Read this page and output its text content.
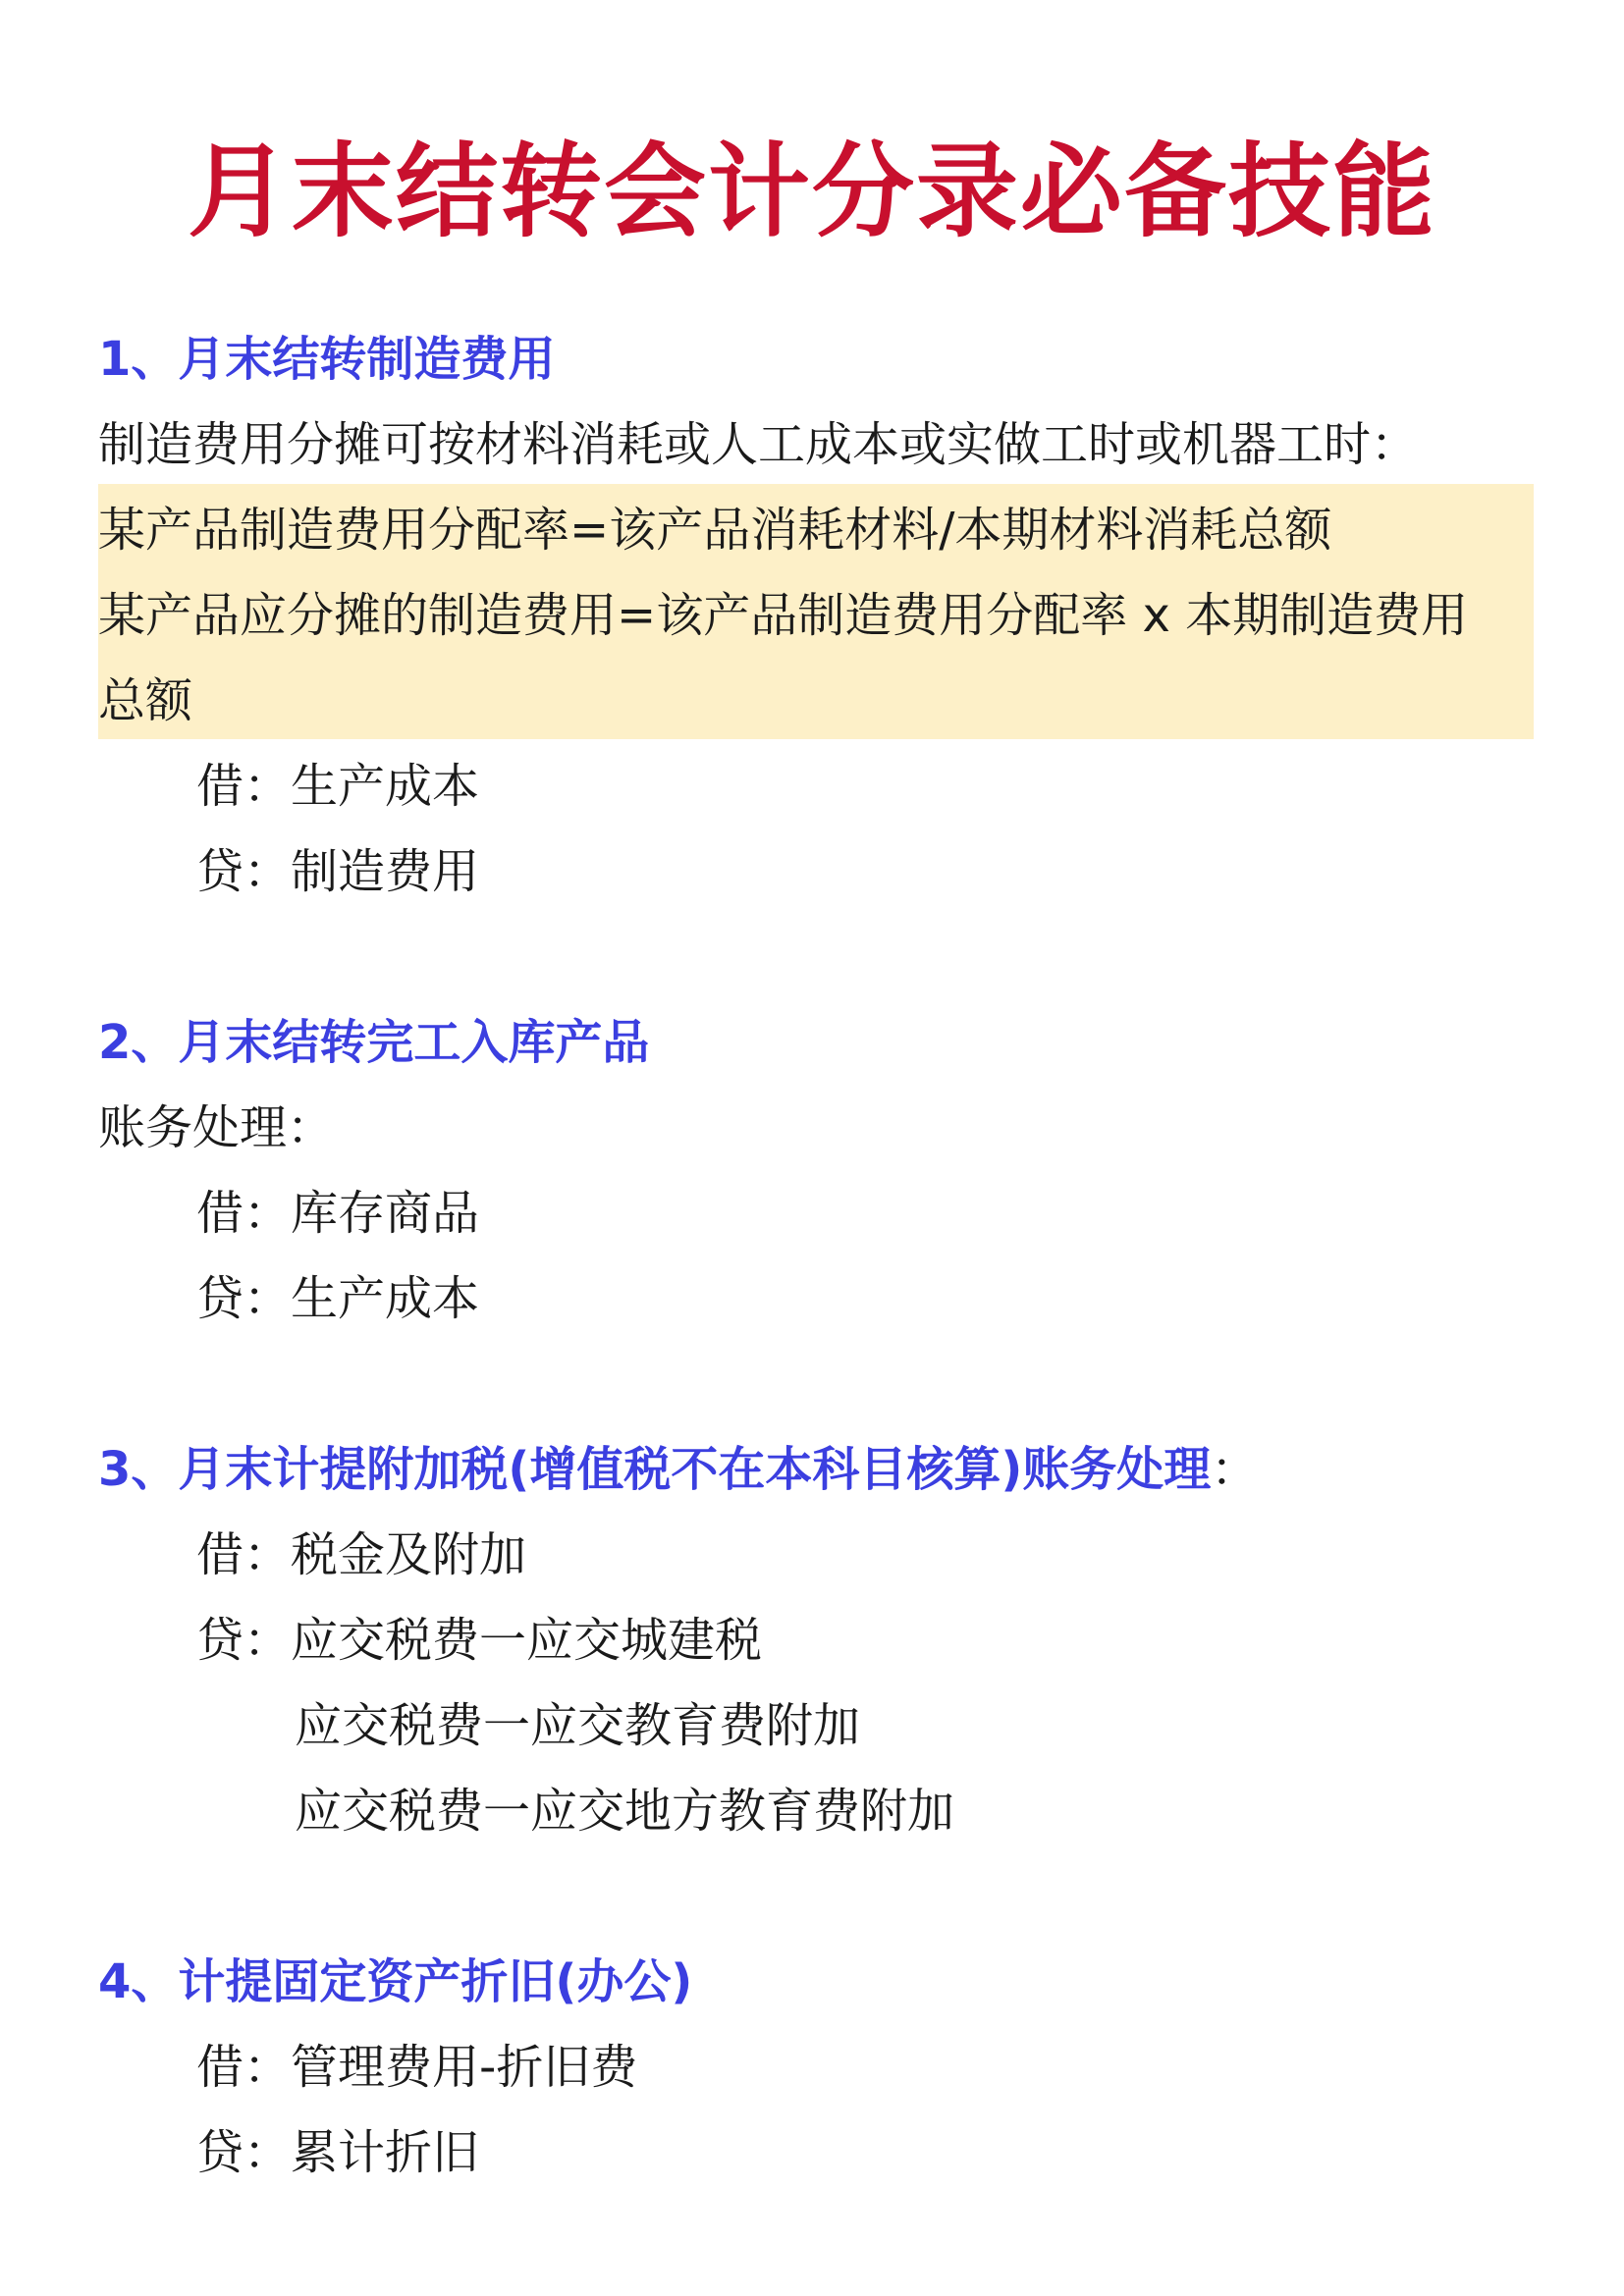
月末结转会计分录必备技能
1、月末结转制造费用
制造费用分摊可按材料消耗或人工成本或实做工时或机器工时：
某产品制造费用分配率=该产品消耗材料/本期材料消耗总额
某产品应分摊的制造费用=该产品制造费用分配率 x 本期制造费用
总额
借：生产成本
贷：制造费用
2、月末结转完工入库产品
账务处理：
借：库存商品
贷：生产成本
3、月末计提附加税(增值税不在本科目核算)账务处理：
借：税金及附加
贷：应交税费一应交城建税
应交税费一应交教育费附加
应交税费一应交地方教育费附加
4、计提固定资产折旧(办公)
借：管理费用-折旧费
贷：累计折旧
